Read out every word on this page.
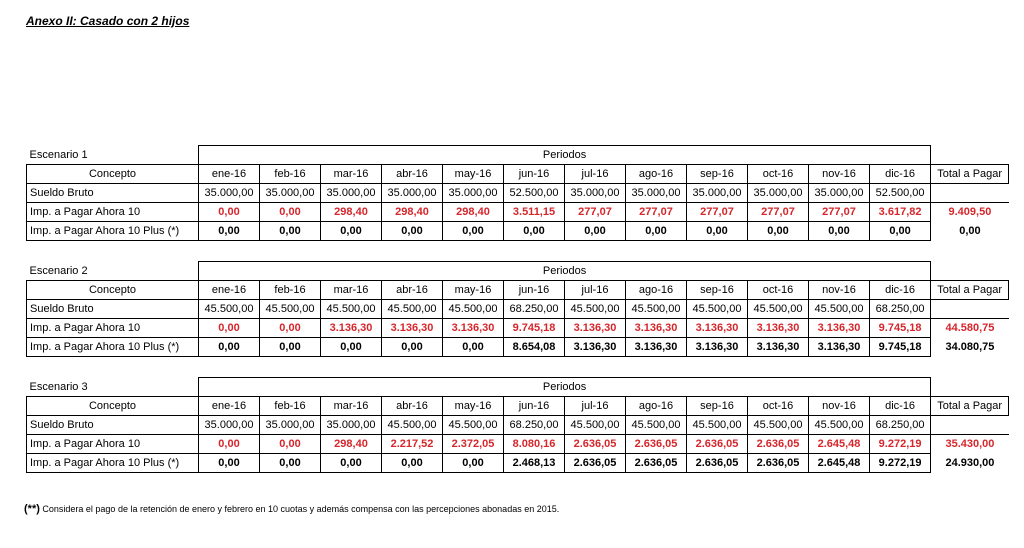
Anexo II: Casado con 2 hijos
Escenario 1	Periodos												
Concepto	ene-16	feb-16	mar-16	abr-16	may-16	jun-16	jul-16	ago-16	sep-16	oct-16	nov-16	dic-16	Total a Pagar
Sueldo Bruto	35.000,00	35.000,00	35.000,00	35.000,00	35.000,00	52.500,00	35.000,00	35.000,00	35.000,00	35.000,00	35.000,00	52.500,00	
Imp. a Pagar Ahora 10	0,00	0,00	298,40	298,40	298,40	3.511,15	277,07	277,07	277,07	277,07	277,07	3.617,82	9.409,50
Imp. a Pagar Ahora 10 Plus (*)	0,00	0,00	0,00	0,00	0,00	0,00	0,00	0,00	0,00	0,00	0,00	0,00	0,00
Escenario 2	Periodos												
Concepto	ene-16	feb-16	mar-16	abr-16	may-16	jun-16	jul-16	ago-16	sep-16	oct-16	nov-16	dic-16	Total a Pagar
Sueldo Bruto	45.500,00	45.500,00	45.500,00	45.500,00	45.500,00	68.250,00	45.500,00	45.500,00	45.500,00	45.500,00	45.500,00	68.250,00	
Imp. a Pagar Ahora 10	0,00	0,00	3.136,30	3.136,30	3.136,30	9.745,18	3.136,30	3.136,30	3.136,30	3.136,30	3.136,30	9.745,18	44.580,75
Imp. a Pagar Ahora 10 Plus (*)	0,00	0,00	0,00	0,00	0,00	8.654,08	3.136,30	3.136,30	3.136,30	3.136,30	3.136,30	9.745,18	34.080,75
Escenario 3	Periodos												
Concepto	ene-16	feb-16	mar-16	abr-16	may-16	jun-16	jul-16	ago-16	sep-16	oct-16	nov-16	dic-16	Total a Pagar
Sueldo Bruto	35.000,00	35.000,00	35.000,00	45.500,00	45.500,00	68.250,00	45.500,00	45.500,00	45.500,00	45.500,00	45.500,00	68.250,00	
Imp. a Pagar Ahora 10	0,00	0,00	298,40	2.217,52	2.372,05	8.080,16	2.636,05	2.636,05	2.636,05	2.636,05	2.645,48	9.272,19	35.430,00
Imp. a Pagar Ahora 10 Plus (*)	0,00	0,00	0,00	0,00	0,00	2.468,13	2.636,05	2.636,05	2.636,05	2.636,05	2.645,48	9.272,19	24.930,00
(**) Considera el pago de la retención de enero y febrero en 10 cuotas y además compensa con las percepciones abonadas en 2015.
